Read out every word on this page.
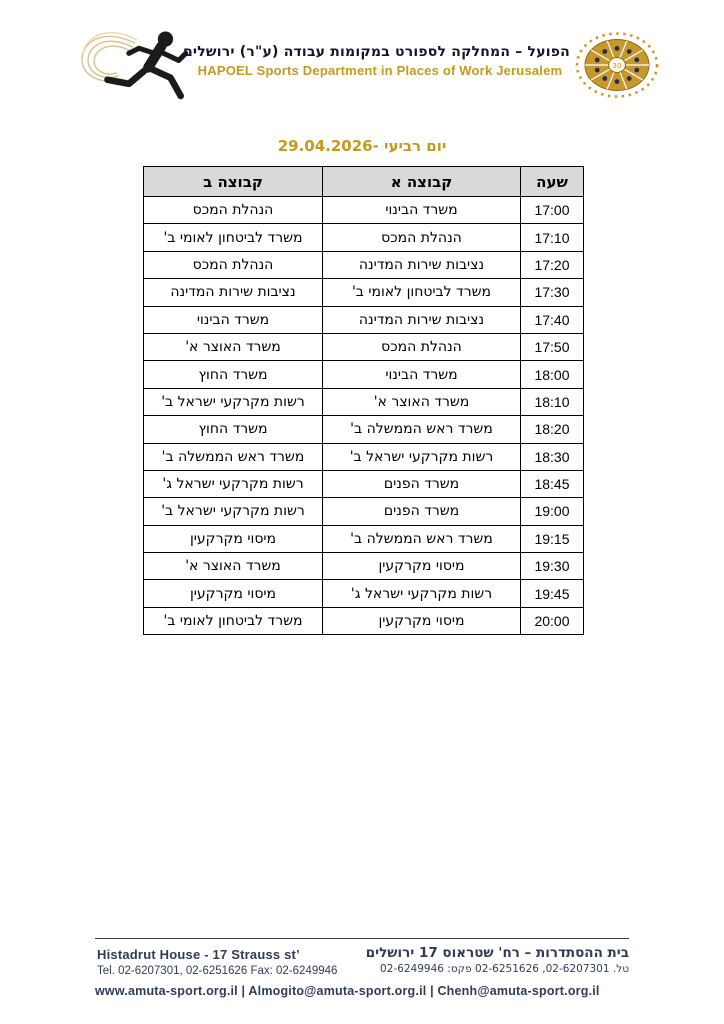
הפועל – המחלקה לספורט במקומות עבודה (ע"ר) ירושלים
HAPOEL Sports Department in Places of Work Jerusalem	30
יום רביעי -29.04.2026
שעה	קבוצה א	קבוצה ב
17:00	משרד הבינוי	הנהלת המכס
17:10	הנהלת המכס	משרד לביטחון לאומי ב'
17:20	נציבות שירות המדינה	הנהלת המכס
17:30	משרד לביטחון לאומי ב'	נציבות שירות המדינה
17:40	נציבות שירות המדינה	משרד הבינוי
17:50	הנהלת המכס	משרד האוצר א'
18:00	משרד הבינוי	משרד החוץ
18:10	משרד האוצר א'	רשות מקרקעי ישראל ב'
18:20	משרד ראש הממשלה ב'	משרד החוץ
18:30	רשות מקרקעי ישראל ב'	משרד ראש הממשלה ב'
18:45	משרד הפנים	רשות מקרקעי ישראל ג'
19:00	משרד הפנים	רשות מקרקעי ישראל ב'
19:15	משרד ראש הממשלה ב'	מיסוי מקרקעין
19:30	מיסוי מקרקעין	משרד האוצר א'
19:45	רשות מקרקעי ישראל ג'	מיסוי מקרקעין
20:00	מיסוי מקרקעין	משרד לביטחון לאומי ב'
Histadrut House - 17 Strauss st’
Tel. 02-6207301, 02-6251626 Fax: 02-6249946
בית ההסתדרות – רח' שטראוס 17 ירושלים
טל. 02-6207301, 02-6251626 פקס: 02-6249946
www.amuta-sport.org.il | Almogito@amuta-sport.org.il | Chenh@amuta-sport.org.il
